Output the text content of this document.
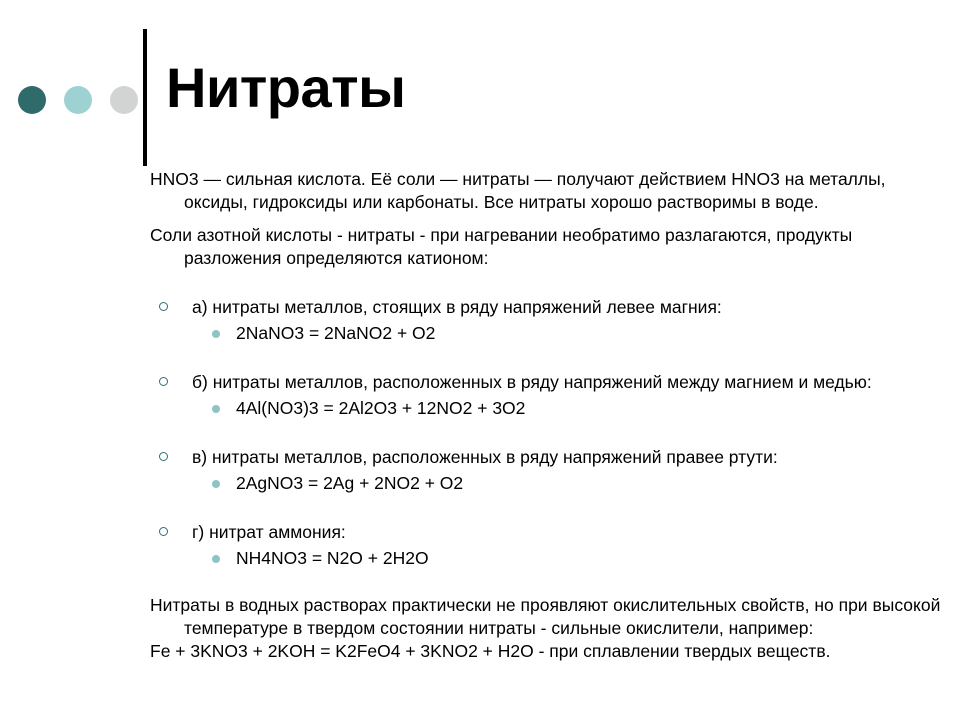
Нитраты

HNO3 — сильная кислота. Её соли — нитраты — получают действием HNO3 на металлы, оксиды, гидроксиды или карбонаты. Все нитраты хорошо растворимы в воде.

Соли азотной кислоты - нитраты - при нагревании необратимо разлагаются, продукты разложения определяются катионом:

а) нитраты металлов, стоящих в ряду напряжений левее магния:
2NaNO3 = 2NaNO2 + O2
б) нитраты металлов, расположенных в ряду напряжений между магнием и медью:
4Al(NO3)3 = 2Al2O3 + 12NO2 + 3O2
в) нитраты металлов, расположенных в ряду напряжений правее ртути:
2AgNO3 = 2Ag + 2NO2 + O2
г) нитрат аммония:
NH4NO3 = N2O + 2H2O

Нитраты в водных растворах практически не проявляют окислительных свойств, но при высокой температуре в твердом состоянии нитраты - сильные окислители, например:

Fe + 3KNO3 + 2KOH = K2FeO4 + 3KNO2 + H2O - при сплавлении твердых веществ.
